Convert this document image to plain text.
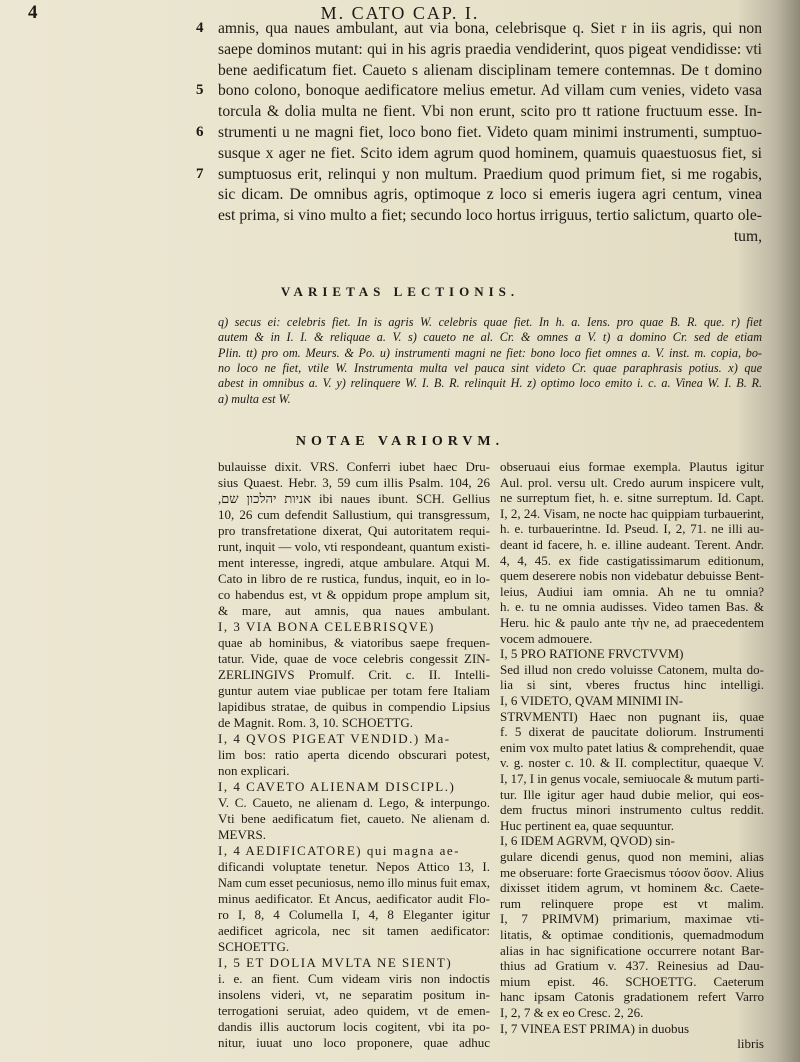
4	M. CATO CAP. I.
amnis, qua naues ambulant, aut via bona, celebrisque q. Siet r in iis agris, qui non
saepe dominos mutant: qui in his agris praedia vendiderint, quos pigeat vendidisse: vti
bene aedificatum fiet. Caueto s alienam disciplinam temere contemnas. De t domino
bono colono, bonoque aedificatore melius emetur. Ad villam cum venies, videto vasa
torcula & dolia multa ne fient. Vbi non erunt, scito pro tt ratione fructuum esse. In-
strumenti u ne magni fiet, loco bono fiet. Videto quam minimi instrumenti, sumptuo-
susque x ager ne fiet. Scito idem agrum quod hominem, quamuis quaestuosus fiet, si
sumptuosus erit, relinqui y non multum. Praedium quod primum fiet, si me rogabis,
sic dicam. De omnibus agris, optimoque z loco si emeris iugera agri centum, vinea
est prima, si vino multo a fiet; secundo loco hortus irriguus, tertio salictum, quarto ole-
tum,
4
5
6
7
VARIETAS LECTIONIS.
q) secus ei: celebris fiet. In is agris W. celebris quae fiet. In h. a. Iens. pro quae B. R. que. r) fiet
autem & in I. I. & reliquae a. V. s) caueto ne al. Cr. & omnes a V. t) a domino Cr. sed de etiam
Plin. tt) pro om. Meurs. & Po. u) instrumenti magni ne fiet: bono loco fiet omnes a. V. inst. m. copia, bo-
no loco ne fiet, vtile W. Instrumenta multa vel pauca sint videto Cr. quae paraphrasis potius. x) que
abest in omnibus a. V. y) relinquere W. I. B. R. relinquit H. z) optimo loco emito i. c. a. Vinea W. I. B. R.
a) multa est W.
NOTAE VARIORVM.
bulauisse dixit. VRS. Conferri iubet haec Dru-
sius Quaest. Hebr. 3, 59 cum illis Psalm. 104, 26
אניות יהלכון שם, ibi naues ibunt. SCH. Gellius
10, 26 cum defendit Sallustium, qui transgressum,
pro transfretatione dixerat, Qui autoritatem requi-
runt, inquit — volo, vti respondeant, quantum existi-
ment interesse, ingredi, atque ambulare. Atqui M.
Cato in libro de re rustica, fundus, inquit, eo in lo-
co habendus est, vt & oppidum prope amplum sit,
& mare, aut amnis, qua naues ambulant.
I, 3 VIA BONA CELEBRISQVE)
quae ab hominibus, & viatoribus saepe frequen-
tatur. Vide, quae de voce celebris congessit ZIN-
ZERLINGIVS Promulf. Crit. c. II. Intelli-
guntur autem viae publicae per totam fere Italiam
lapidibus stratae, de quibus in compendio Lipsius
de Magnit. Rom. 3, 10. SCHOETTG.
I, 4 QVOS PIGEAT VENDID.) Ma-
lim bos: ratio aperta dicendo obscurari potest,
non explicari.
I, 4 CAVETO ALIENAM DISCIPL.)
V. C. Caueto, ne alienam d. Lego, & interpungo.
Vti bene aedificatum fiet, caueto. Ne alienam d.
MEVRS.
I, 4 AEDIFICATORE) qui magna ae-
dificandi voluptate tenetur. Nepos Attico 13, I.
Nam cum esset pecuniosus, nemo illo minus fuit emax,
minus aedificator. Et Ancus, aedificator audit Flo-
ro I, 8, 4 Columella I, 4, 8 Eleganter igitur
aedificet agricola, nec sit tamen aedificator:
SCHOETTG.
I, 5 ET DOLIA MVLTA NE SIENT)
i. e. an fient. Cum videam viris non indoctis
insolens videri, vt, ne separatim positum in-
terrogationi seruiat, adeo quidem, vt de emen-
dandis illis auctorum locis cogitent, vbi ita po-
nitur, iuuat uno loco proponere, quae adhuc
obseruaui eius formae exempla. Plautus igitur
Aul. prol. versu ult. Credo aurum inspicere vult,
ne surreptum fiet, h. e. sitne surreptum. Id. Capt.
I, 2, 24. Visam, ne nocte hac quippiam turbauerint,
h. e. turbauerintne. Id. Pseud. I, 2, 71. ne illi au-
deant id facere, h. e. illine audeant. Terent. Andr.
4, 4, 45. ex fide castigatissimarum editionum,
quem deserere nobis non videbatur debuisse Bent-
leius, Audiui iam omnia. Ah ne tu omnia?
h. e. tu ne omnia audisses. Video tamen Bas. &
Heru. hic & paulo ante τὴν ne, ad praecedentem
vocem admouere.
I, 5 PRO RATIONE FRVCTVVM)
Sed illud non credo voluisse Catonem, multa do-
lia si sint, vberes fructus hinc intelligi.
I, 6 VIDETO, QVAM MINIMI IN-
STRVMENTI) Haec non pugnant iis, quae
f. 5 dixerat de paucitate doliorum. Instrumenti
enim vox multo patet latius & comprehendit, quae
v. g. noster c. 10. & II. complectitur, quaeque V.
I, 17, I in genus vocale, semiuocale & mutum parti-
tur. Ille igitur ager haud dubie melior, qui eos-
dem fructus minori instrumento cultus reddit.
Huc pertinent ea, quae sequuntur.
I, 6 IDEM AGRVM, QVOD) sin-
gulare dicendi genus, quod non memini, alias
me obseruare: forte Graecismus τόσον ὅσον. Alius
dixisset itidem agrum, vt hominem &c. Caete-
rum relinquere prope est vt malim.
I, 7 PRIMVM) primarium, maximae vti-
litatis, & optimae conditionis, quemadmodum
alias in hac significatione occurrere notant Bar-
thius ad Gratium v. 437. Reinesius ad Dau-
mium epist. 46. SCHOETTG. Caeterum
hanc ipsam Catonis gradationem refert Varro
I, 2, 7 & ex eo Cresc. 2, 26.
I, 7 VINEA EST PRIMA) in duobus
libris
